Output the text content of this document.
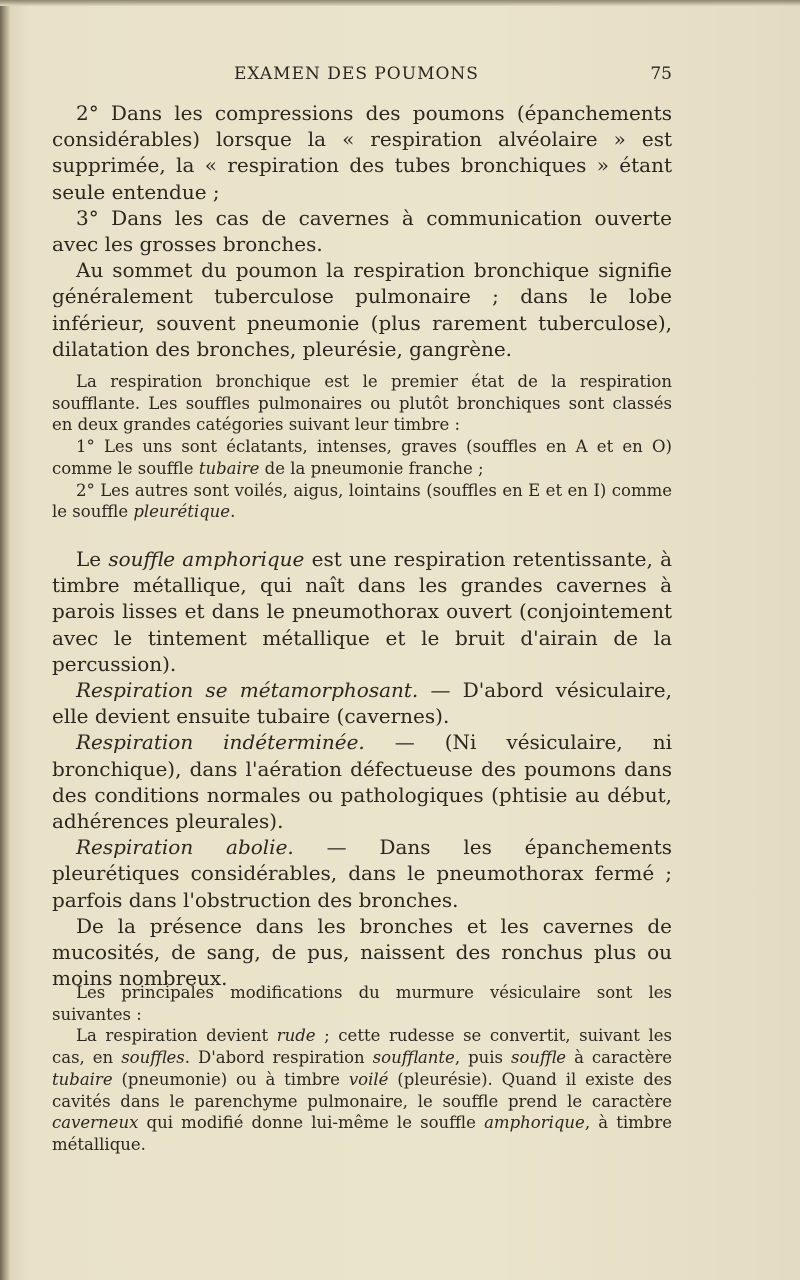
EXAMEN DES POUMONS	75

2° Dans les compressions des poumons (épanchements considérables) lorsque la « respiration alvéolaire » est supprimée, la « respiration des tubes bronchiques » étant seule entendue ;

3° Dans les cas de cavernes à communication ouverte avec les grosses bronches.

Au sommet du poumon la respiration bronchique signifie généralement tuberculose pulmonaire ; dans le lobe inférieur, souvent pneumonie (plus rarement tuberculose), dilatation des bronches, pleurésie, gangrène.

La respiration bronchique est le premier état de la respiration soufflante. Les souffles pulmonaires ou plutôt bronchiques sont classés en deux grandes catégories suivant leur timbre :

1° Les uns sont éclatants, intenses, graves (souffles en A et en O) comme le souffle tubaire de la pneumonie franche ;

2° Les autres sont voilés, aigus, lointains (souffles en E et en I) comme le souffle pleurétique.

Le souffle amphorique est une respiration retentissante, à timbre métallique, qui naît dans les grandes cavernes à parois lisses et dans le pneumothorax ouvert (conjointement avec le tintement métallique et le bruit d'airain de la percussion).

Respiration se métamorphosant. — D'abord vésiculaire, elle devient ensuite tubaire (cavernes).

Respiration indéterminée. — (Ni vésiculaire, ni bronchique), dans l'aération défectueuse des poumons dans des conditions normales ou pathologiques (phtisie au début, adhérences pleurales).

Respiration abolie. — Dans les épanchements pleurétiques considérables, dans le pneumothorax fermé ; parfois dans l'obstruction des bronches.

De la présence dans les bronches et les cavernes de mucosités, de sang, de pus, naissent des ronchus plus ou moins nombreux.

Les principales modifications du murmure vésiculaire sont les suivantes :

La respiration devient rude ; cette rudesse se convertit, suivant les cas, en souffles. D'abord respiration soufflante, puis souffle à caractère tubaire (pneumonie) ou à timbre voilé (pleurésie). Quand il existe des cavités dans le parenchyme pulmonaire, le souffle prend le caractère caverneux qui modifié donne lui-même le souffle amphorique, à timbre métallique.
